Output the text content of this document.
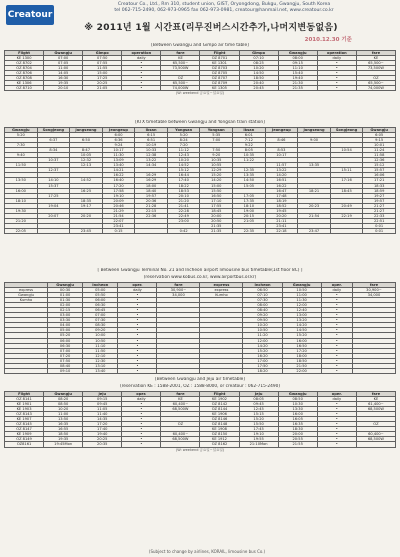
Creatour
Creatour Co., Ltd., Rm 310, student union, GIST, Oryongdong, Bukgu, Gwangju, South Korea
tel 062-715-2490, 062-973-0965 fax 062-973-0981, creatour@hanmail.net, www.creatour.co.kr
※ 2011년 1월 시간표(리무진버스시간추가,나머지변동없음)
2010.12.30 기준
[Between Gwangju and Gimpo air time table]
Flight	Gwangju	Gimpo	operation	fare	Flight	Gimpo	Gwangju	operation	fare
KE 1300	07:00	07:50	daily	KE	OZ 8701	07:10	08:00	daily	KE
OZ 8702	07:05	07:55	•	65,500~	KE 1301	08:25	09:15	•	65,500~
OZ 8704	11:00	11:55	•	73,500W	OZ 8703	10:20	11:10	•	73,500W
OZ 8706	14:05	15:00	•		OZ 8705	14:50	15:40	•	
OZ 8708	16:30	17:25	•	OZ	OZ 8707	18:50	19:40	•	OZ
KE 1306	19:35	20:25	•	65,500~	OZ 8709	20:40	21:30	•	65,500~
OZ 8710	20:10	21:05	•	74,000W	KE 1305	20:45	21:35	•	74,000W
(W: weekend 금요일~일요일)
[KTX timetable between Gwangju and Yongsan train station]
Gwangju	Songjeong	Jangseong	Jeongeup	Iksan	Yongsan	Yongsan	Iksan	Jeongeup	Jangseong	Songjeong	Gwangju
5:20			6:00	6:15	5:20	5:35	6:01				6:05
	6:37	6:50	6:36	6:51	8:24	7:00	7:12	8:46	9:00		9:15
7:30			9:24	10:19	7:20		9:22				10:01
	8:34	8:47	10:17	10:33	11:12	7:50	8:05	8:53		10:54	11:24
9:40		10:05	11:30	12:38	12:43	9:20	10:35	10:17			11:58
	10:37	12:32	13:09	13:22	10:20	10:35	11:22				12:36
11:50		12:13	13:40	14:34	14:52	10:55		11:57	13:35		15:12
	12:37		14:21		15:12	12:29	12:35	13:22		15:11	15:57
			16:22	16:29	16:44	15:20	13:35	14:20			16:06
13:50	14:10	14:52	16:40	16:29	17:40	14:20	14:50	16:51		17:16	17:21
	15:37		17:20	18:00	18:22	15:00	15:05	16:22			18:33
16:00		16:25	17:58	18:40	18:53	15:50		16:47	18:21	18:45	18:59
	17:25		19:10	19:57	20:10	16:50	17:05	17:48			19:27
18:10		18:35	20:09	20:36	21:20	17:10	17:35	18:19			19:57
	19:04	19:17	20:46	21:28	21:41	17:55	18:10	18:52	20:23	20:49	21:27
19:30			21:29	22:15	22:28	18:45	19:00	19:45			21:27
	20:07	20:20	21:54	22:36	22:49	20:00	20:15	20:20	21:54	22:19	22:33
21:20			22:07		23:00	20:50	21:05	21:11			22:51
			23:41			21:35		23:41			0:01
22:05		23:45	0:15		0:42	21:35	22:35	22:18	23:47		0:01
[ Between Gwangju Terminal No. 21 and Incheon airport limousine bus timetable(1st floor 8C) ]
(reservation www.kobus.co.kr, www.airportbus.or.kr)
	Gwangju	Incheon	oper.	fare	express	Incheon	Gwangju	oper.	fare
express	00:30	05:00	daily	30,900~	express	06:50	10:50	daily	30,900~
Gwangju	01:00	05:50	•	34,000	Kumho	07:10	11:00	•	34,000
Kumho	01:30	06:00	•			07:30	11:30	•	
	02:00	06:30	•			08:00	12:00	•	
	02:15	06:45	•			08:40	12:40	•	
	03:00	07:00	•			09:20	13:00	•	
	03:30	07:30	•			09:50	13:20	•	
	04:00	08:30	•			10:20	14:20	•	
	05:00	09:20	•			10:50	14:50	•	
	05:20	10:00	•			11:20	15:20	•	
	06:00	10:50	•			12:00	16:00	•	
	06:30	11:10	•			14:20	16:50	•	
	07:00	11:50	•			15:20	17:20	•	
	07:20	12:10	•			16:20	18:00	•	
	07:50	12:30	•			17:00	18:50	•	
	08:40	13:10	•			17:50	21:50	•	
	09:10	13:40	•			18:20	22:00	•	

[Between Gwangju and Jeju air timetable]
(reservation KE : 1588-2001, OZ : 1588-8000, or creatour : 062-715-2490)
Flight	Gwangju	Jeju	oper.	fare	Flight	Jeju	Gwangju	oper.	fare
OZ 8141	08:20	09:15	daily	KE	KE 1902	08:05	08:50	daily	KE
KE 1901	08:50	09:45	•	60,400~	OZ 8142	09:45	10:30	•	61,400~
KE 1903	10:20	11:05	•	68,500W	OZ 8144	12:45	13:30	•	68,500W
OZ 8143	11:00	11:40	•		KE 1906	15:15	16:00	•	
KE 1907	13:50	14:35	•		OZ 8146	15:20	16:05	•	
OZ 8145	16:35	17:20	•	OZ	OZ 8148	15:50	16:35	•	OZ
OZ 8147	16:55	17:40	•		KE 1908	17:45	18:30	•	
KE 1909	18:50	19:40	•	60,400~	OZ 8150	19:10	20:00	•	60,400~
OZ 8149	19:35	20:25	•	68,500W	KE 1912	19:55	20:55	•	68,500W
OZ8161	19:45Mon	20:35	•		OZ 8162	21:10Mon	21:55	•	
(W: weekend 금요일~일요일)
(Subject to change by airlines, KORAIL, limousine bus Co.)
